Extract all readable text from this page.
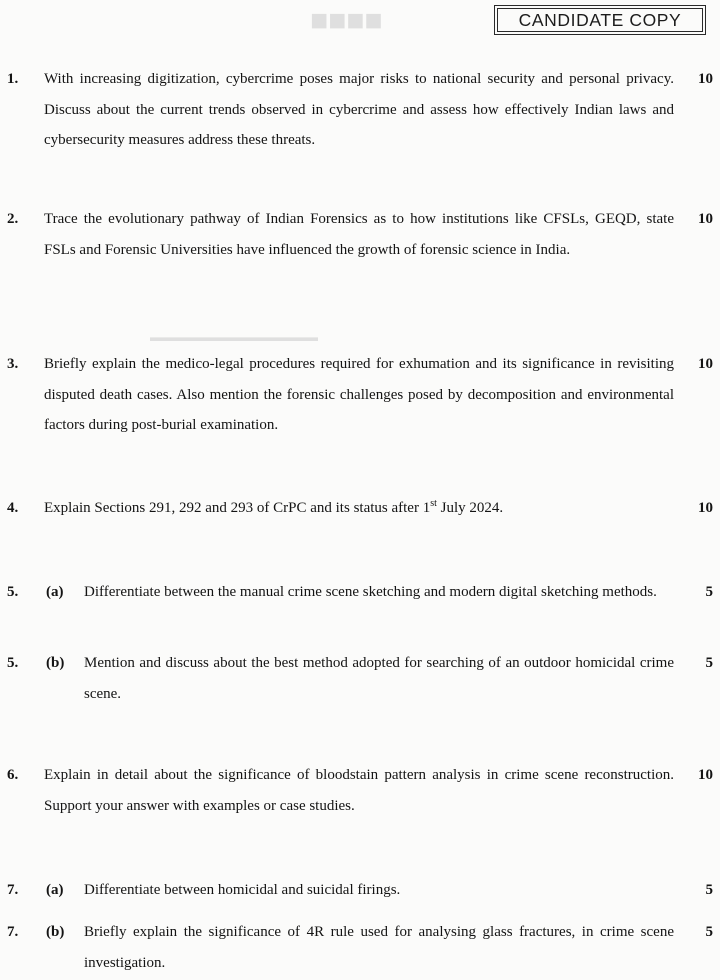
■■■■
▬▬▬▬▬▬▬▬▬▬▬▬▬▬
CANDIDATE COPY
1. With increasing digitization, cybercrime poses major risks to national security and personal privacy. Discuss about the current trends observed in cybercrime and assess how effectively Indian laws and cybersecurity measures address these threats.
10
2. Trace the evolutionary pathway of Indian Forensics as to how institutions like CFSLs, GEQD, state FSLs and Forensic Universities have influenced the growth of forensic science in India.
10
3. Briefly explain the medico-legal procedures required for exhumation and its significance in revisiting disputed death cases. Also mention the forensic challenges posed by decomposition and environmental factors during post-burial examination.
10
4. Explain Sections 291, 292 and 293 of CrPC and its status after 1st July 2024.	10
5. (a) Differentiate between the manual crime scene sketching and modern digital sketching methods.	5
5. (b) Mention and discuss about the best method adopted for searching of an outdoor homicidal crime scene.
5
6. Explain in detail about the significance of bloodstain pattern analysis in crime scene reconstruction. Support your answer with examples or case studies.
10
7. (a) Differentiate between homicidal and suicidal firings.	5
7. (b) Briefly explain the significance of 4R rule used for analysing glass fractures, in crime scene investigation.
5
